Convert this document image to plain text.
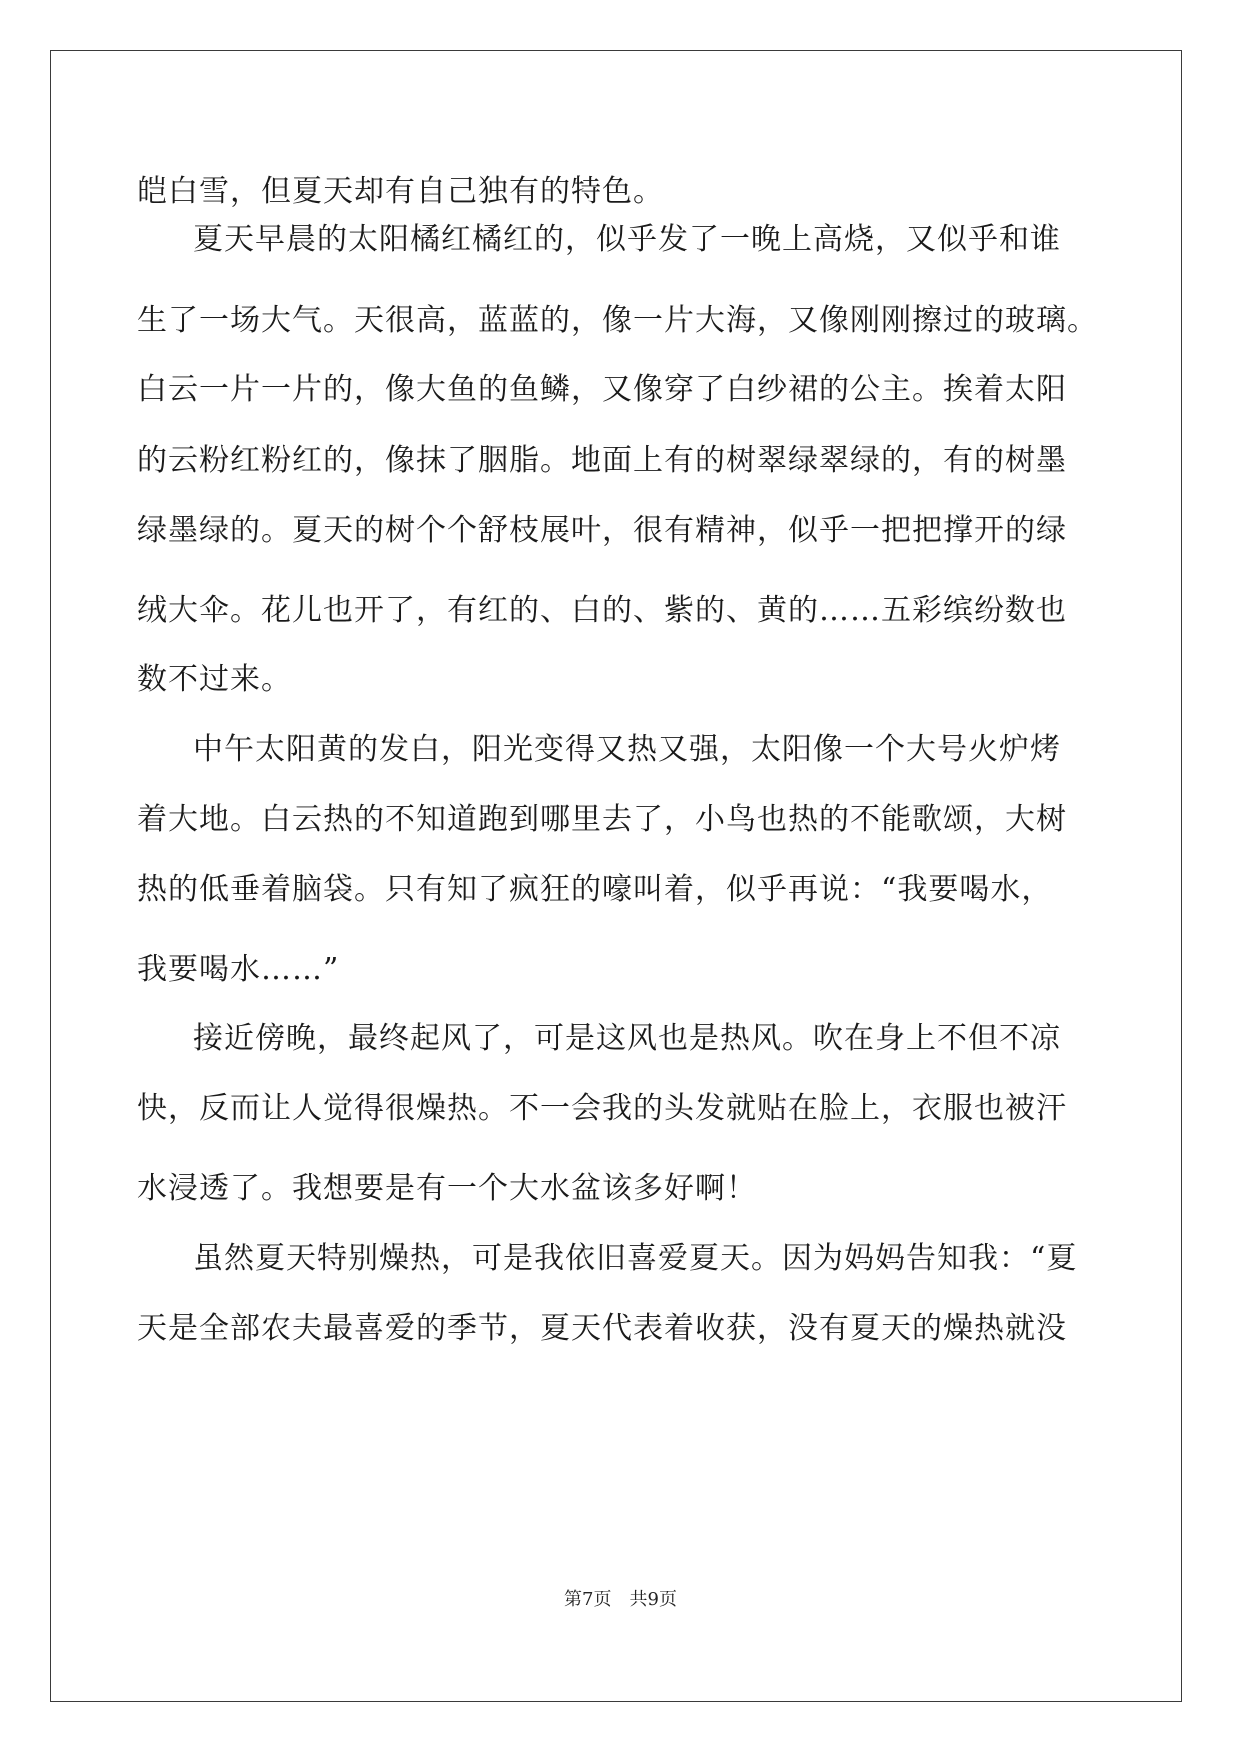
皑白雪，但夏天却有自己独有的特色。
夏天早晨的太阳橘红橘红的，似乎发了一晚上高烧，又似乎和谁
生了一场大气。天很高，蓝蓝的，像一片大海，又像刚刚擦过的玻璃。
白云一片一片的，像大鱼的鱼鳞，又像穿了白纱裙的公主。挨着太阳
的云粉红粉红的，像抹了胭脂。地面上有的树翠绿翠绿的，有的树墨
绿墨绿的。夏天的树个个舒枝展叶，很有精神，似乎一把把撑开的绿
绒大伞。花儿也开了，有红的、白的、紫的、黄的……五彩缤纷数也
数不过来。
中午太阳黄的发白，阳光变得又热又强，太阳像一个大号火炉烤
着大地。白云热的不知道跑到哪里去了，小鸟也热的不能歌颂，大树
热的低垂着脑袋。只有知了疯狂的嚎叫着，似乎再说：“我要喝水，
我要喝水……”
接近傍晚，最终起风了，可是这风也是热风。吹在身上不但不凉
快，反而让人觉得很燥热。不一会我的头发就贴在脸上，衣服也被汗
水浸透了。我想要是有一个大水盆该多好啊！
虽然夏天特别燥热，可是我依旧喜爱夏天。因为妈妈告知我：“夏
天是全部农夫最喜爱的季节，夏天代表着收获，没有夏天的燥热就没
第7页 共9页
